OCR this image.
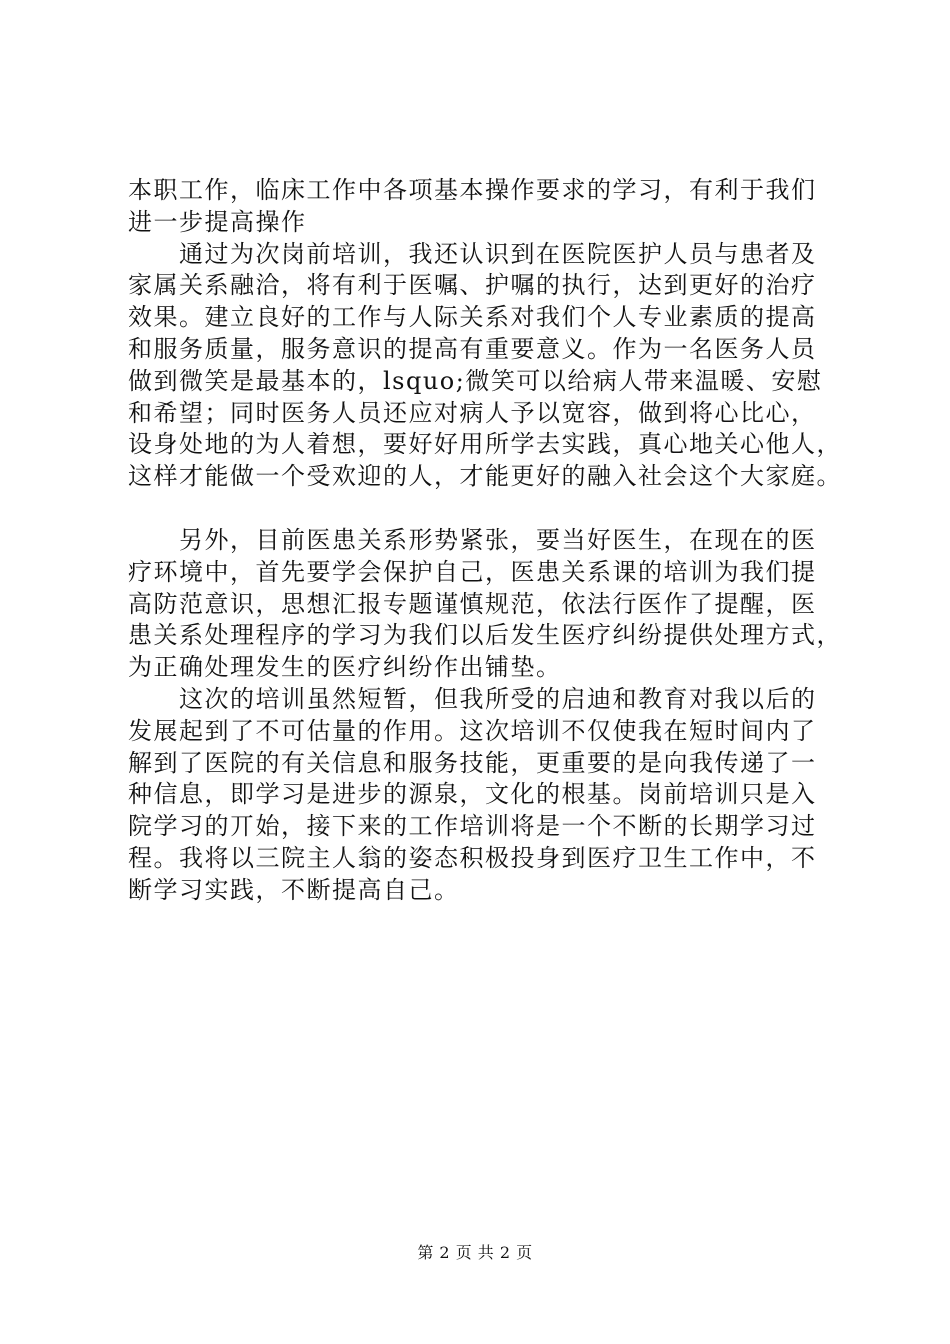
本职工作，临床工作中各项基本操作要求的学习，有利于我们
进一步提高操作
　　通过为次岗前培训，我还认识到在医院医护人员与患者及
家属关系融洽，将有利于医嘱、护嘱的执行，达到更好的治疗
效果。建立良好的工作与人际关系对我们个人专业素质的提高
和服务质量，服务意识的提高有重要意义。作为一名医务人员
做到微笑是最基本的，lsquo;微笑可以给病人带来温暖、安慰
和希望；同时医务人员还应对病人予以宽容，做到将心比心，
设身处地的为人着想，要好好用所学去实践，真心地关心他人，
这样才能做一个受欢迎的人，才能更好的融入社会这个大家庭。
　　另外，目前医患关系形势紧张，要当好医生，在现在的医
疗环境中，首先要学会保护自己，医患关系课的培训为我们提
高防范意识，思想汇报专题谨慎规范，依法行医作了提醒，医
患关系处理程序的学习为我们以后发生医疗纠纷提供处理方式，
为正确处理发生的医疗纠纷作出铺垫。
　　这次的培训虽然短暂，但我所受的启迪和教育对我以后的
发展起到了不可估量的作用。这次培训不仅使我在短时间内了
解到了医院的有关信息和服务技能，更重要的是向我传递了一
种信息，即学习是进步的源泉，文化的根基。岗前培训只是入
院学习的丌始，接下来的工作培训将是一个不断的长期学习过
程。我将以三院主人翁的姿态积极投身到医疗卫生工作中，不
断学习实践，不断提高自己。
第 2 页 共 2 页
